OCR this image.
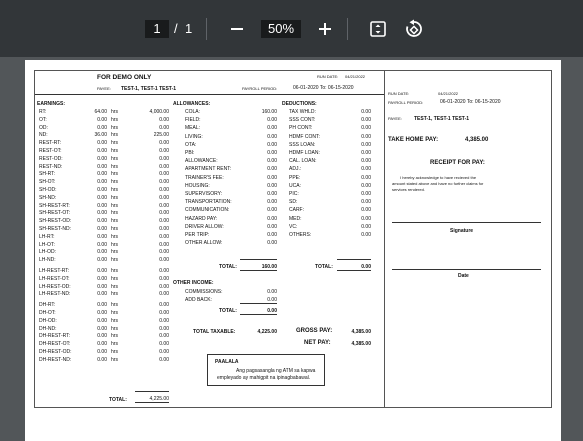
1	/ 1	50%
FOR DEMO ONLY	RUN DATE: 04/21/2022
PAYEE: TEST-1, TEST-1 TEST-1	PAYROLL PERIOD:	06-01-2020 To: 06-15-2020
EARNINGS:	ALLOWANCES:	DEDUCTIONS:
RT:	64.00 hrs	4,000.00
OT:	0.00 hrs	0.00
OD:	0.00 hrs	0.00
ND:	36.00 hrs	225.00
REST-RT:	0.00 hrs	0.00
REST-OT:	0.00 hrs	0.00
REST-OD:	0.00 hrs	0.00
REST-ND:	0.00 hrs	0.00
SH-RT:	0.00 hrs	0.00
SH-OT:	0.00 hrs	0.00
SH-OD:	0.00 hrs	0.00
SH-ND:	0.00 hrs	0.00
SH-REST-RT:	0.00 hrs	0.00
SH-REST-OT:	0.00 hrs	0.00
SH-REST-OD:	0.00 hrs	0.00
SH-REST-ND:	0.00 hrs	0.00
LH-RT:	0.00 hrs	0.00
LH-OT:	0.00 hrs	0.00
LH-OD:	0.00 hrs	0.00
LH-ND:	0.00 hrs	0.00
LH-REST-RT:	0.00 hrs	0.00
LH-REST-OT:	0.00 hrs	0.00
LH-REST-OD:	0.00 hrs	0.00
LH-REST-ND:	0.00 hrs	0.00
DH-RT:	0.00 hrs	0.00
DH-OT:	0.00 hrs	0.00
DH-OD:	0.00 hrs	0.00
DH-ND:	0.00 hrs	0.00
DH-REST-RT:	0.00 hrs	0.00
DH-REST-OT:	0.00 hrs	0.00
DH-REST-OD:	0.00 hrs	0.00
DH-REST-ND:	0.00 hrs	0.00
TOTAL:	4,225.00
COLA:	160.00
FIELD:	0.00
MEAL:	0.00
LIVING:	0.00
OTA:	0.00
PBI:	0.00
ALLOWANCE:	0.00
APARTMENT RENT:	0.00
TRAINER'S FEE:	0.00
HOUSING:	0.00
SUPERVISORY:	0.00
TRANSPORTATION:	0.00
COMMUNICATION:	0.00
HAZARD PAY:	0.00
DRIVER ALLOW:	0.00
PER TRIP:	0.00
OTHER ALLOW:	0.00
TOTAL:	160.00
OTHER INCOME:
COMMISSIONS:	0.00
ADD BACK:	0.00
TOTAL:	0.00
TAX WHLD:	0.00
SSS CONT:	0.00
PH CONT:	0.00
HDMF CONT:	0.00
SSS LOAN:	0.00
HDMF LOAN:	0.00
CAL. LOAN:	0.00
ADJ.:	0.00
PPE:	0.00
UCA:	0.00
PIC:	0.00
SD:	0.00
CARF:	0.00
MED:	0.00
VC:	0.00
OTHERS:	0.00
TOTAL:	0.00
TOTAL TAXABLE:	4,225.00	GROSS PAY:	4,385.00
NET PAY:	4,385.00
PAALALA
Ang pagsasangla ng ATM sa kapwa
empleyado ay mahigpit na ipinagbabawal.
RUN DATE:	04/21/2022
PAYROLL PERIOD:	06-01-2020 To: 06-15-2020
PAYEE: TEST-1, TEST-1 TEST-1
TAKE HOME PAY:	4,385.00
RECEIPT FOR PAY:
I hereby acknowledge to have recieved the
amount stated above and have no further claims for
services rendered.
Signature
Date
